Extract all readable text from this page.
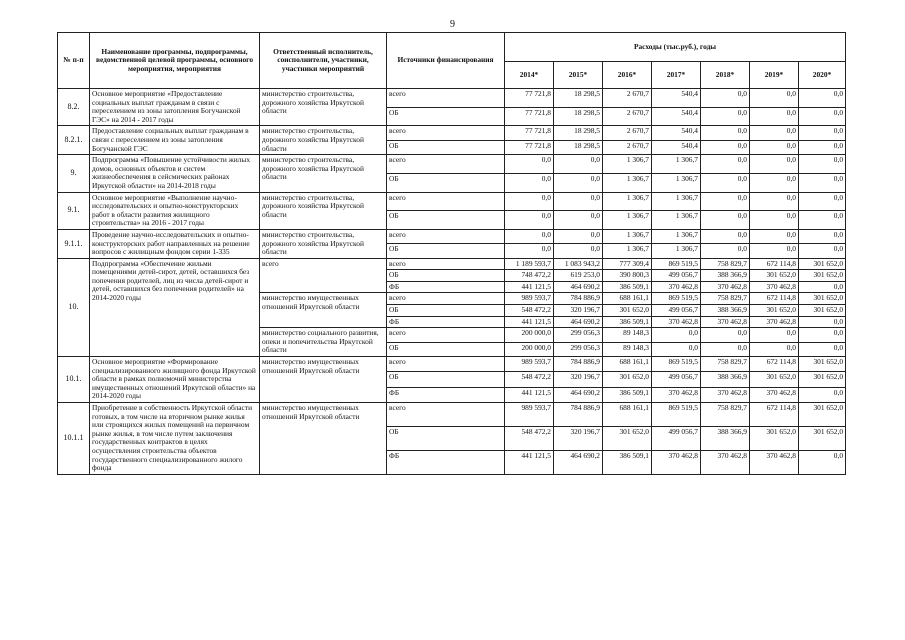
9
№ п-п	Наименование программы, подпрограммы, ведомственной целевой программы, основного мероприятия, мероприятия	Ответственный исполнитель, соисполнители, участники, участники мероприятий	Источники финансирования	Расходы (тыс.руб.), годы						
				2014*	2015*	2016*	2017*	2018*	2019*	2020*
8.2.	Основное мероприятие «Предоставление социальных выплат гражданам в связи с переселением из зоны затопления Богучанской ГЭС» на 2014 - 2017 годы	министерство строительства, дорожного хозяйства Иркутской области	всего	77 721,8	18 298,5	2 670,7	540,4	0,0	0,0	0,0
			ОБ	77 721,8	18 298,5	2 670,7	540,4	0,0	0,0	0,0
8.2.1.	Предоставление социальных выплат гражданам в связи с переселением из зоны затопления Богучанской ГЭС	министерство строительства, дорожного хозяйства Иркутской области	всего	77 721,8	18 298,5	2 670,7	540,4	0,0	0,0	0,0
			ОБ	77 721,8	18 298,5	2 670,7	540,4	0,0	0,0	0,0
9.	Подпрограмма «Повышение устойчивости жилых домов, основных объектов и систем жизнеобеспечения в сейсмических районах Иркутской области» на 2014-2018 годы	министерство строительства, дорожного хозяйства Иркутской области	всего	0,0	0,0	1 306,7	1 306,7	0,0	0,0	0,0
			ОБ	0,0	0,0	1 306,7	1 306,7	0,0	0,0	0,0
9.1.	Основное мероприятие «Выполнение научно-исследовательских и опытно-конструкторских работ в области развития жилищного строительства» на 2016 - 2017 годы	министерство строительства, дорожного хозяйства Иркутской области	всего	0,0	0,0	1 306,7	1 306,7	0,0	0,0	0,0
			ОБ	0,0	0,0	1 306,7	1 306,7	0,0	0,0	0,0
9.1.1.	Проведение научно-исследовательских и опытно-конструкторских работ направленных на решение вопросов с жилищным фондом серии 1-335	министерство строительства, дорожного хозяйства Иркутской области	всего	0,0	0,0	1 306,7	1 306,7	0,0	0,0	0,0
			ОБ	0,0	0,0	1 306,7	1 306,7	0,0	0,0	0,0
10.	Подпрограмма «Обеспечение жильми помещениями детей-сирот, детей, оставшихся без попечения родителей, лиц из числа детей-сирот и детей, оставшихся без попечения родителей» на 2014-2020 годы	всего	всего	1 189 593,7	1 083 943,2	777 309,4	869 519,5	758 829,7	672 114,8	301 652,0
			ОБ	748 472,2	619 253,0	390 800,3	499 056,7	388 366,9	301 652,0	301 652,0
			ФБ	441 121,5	464 690,2	386 509,1	370 462,8	370 462,8	370 462,8	0,0
		министерство имущественных отношений Иркутской области	всего	989 593,7	784 886,9	688 161,1	869 519,5	758 829,7	672 114,8	301 652,0
			ОБ	548 472,2	320 196,7	301 652,0	499 056,7	388 366,9	301 652,0	301 652,0
			ФБ	441 121,5	464 690,2	386 509,1	370 462,8	370 462,8	370 462,8	0,0
		министерство социального развития, опеки и попечительства Иркутской области	всего	200 000,0	299 056,3	89 148,3	0,0	0,0	0,0	0,0
			ОБ	200 000,0	299 056,3	89 148,3	0,0	0,0	0,0	0,0
10.1.	Основное мероприятие «Формирование специализированного жилищного фонда Иркутской области в рамках полномочий министерства имущественных отношений Иркутской области» на 2014-2020 годы	министерство имущественных отношений Иркутской области	всего	989 593,7	784 886,9	688 161,1	869 519,5	758 829,7	672 114,8	301 652,0
			ОБ	548 472,2	320 196,7	301 652,0	499 056,7	388 366,9	301 652,0	301 652,0
			ФБ	441 121,5	464 690,2	386 509,1	370 462,8	370 462,8	370 462,8	0,0
10.1.1	Приобретение в собственность Иркутской области готовых, в том числе на вторичном рынке жилья или строящихся жилых помещений на первичном рынке жилья, в том числе путем заключения государственных контрактов в целях осуществления строительства объектов государственного специализированного жилого фонда	министерство имущественных отношений Иркутской области	всего	989 593,7	784 886,9	688 161,1	869 519,5	758 829,7	672 114,8	301 652,0
			ОБ	548 472,2	320 196,7	301 652,0	499 056,7	388 366,9	301 652,0	301 652,0
			ФБ	441 121,5	464 690,2	386 509,1	370 462,8	370 462,8	370 462,8	0,0
